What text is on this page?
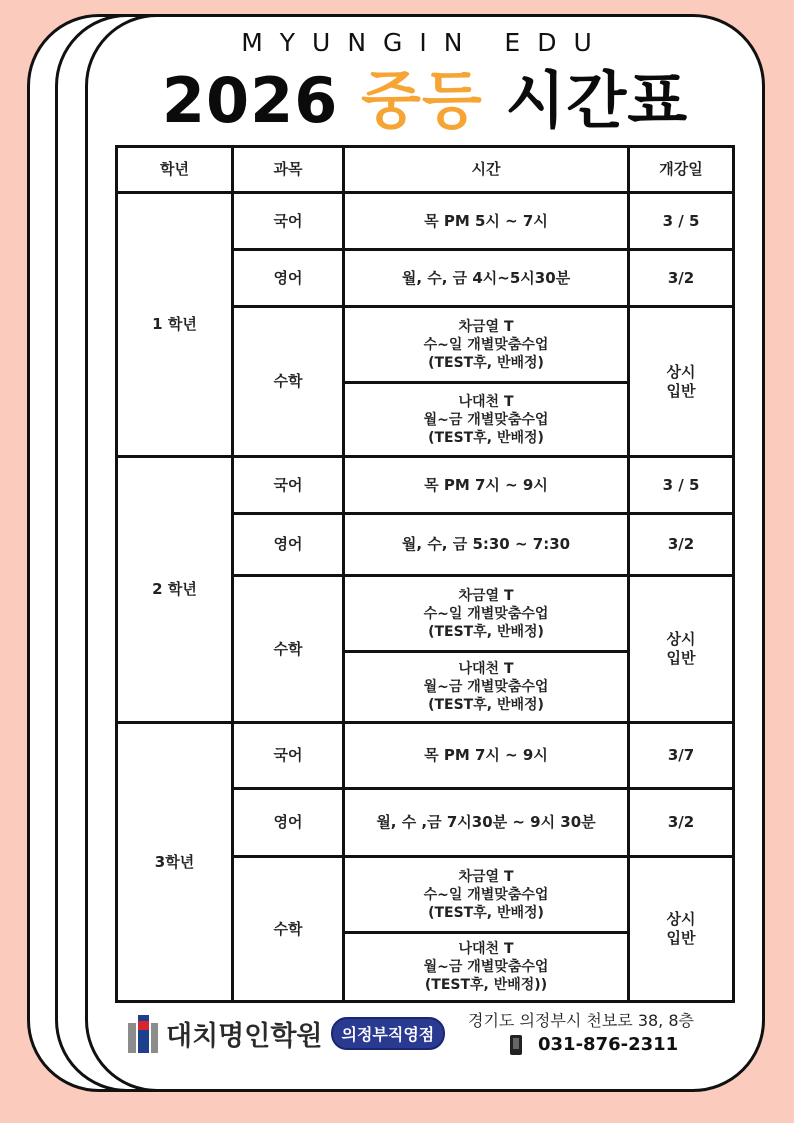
MYUNGIN EDU
2026 중등 시간표
학년	과목	시간	개강일
1 학년	국어	목 PM 5시 ~ 7시	3 / 5
	영어	월, 수, 금 4시~5시30분	3/2
	수학	차금열 T
수~일 개별맞춤수업
(TEST후, 반배정)	상시
입반

		나대천 T
월~금 개별맞춤수업
(TEST후, 반배정)	

2 학년	국어	목 PM 7시 ~ 9시	3 / 5
	영어	월, 수, 금 5:30 ~ 7:30	3/2
	수학	차금열 T
수~일 개별맞춤수업
(TEST후, 반배정)	상시
입반

		나대천 T
월~금 개별맞춤수업
(TEST후, 반배정)	

3학년	국어	목 PM 7시 ~ 9시	3/7
	영어	월, 수 ,금 7시30분 ~ 9시 30분	3/2
	수학	차금열 T
수~일 개별맞춤수업
(TEST후, 반배정)	상시
입반

		나대천 T
월~금 개별맞춤수업
(TEST후, 반배정))	

대치명인학원	의정부직영점
경기도 의정부시 천보로 38, 8층
031-876-2311
